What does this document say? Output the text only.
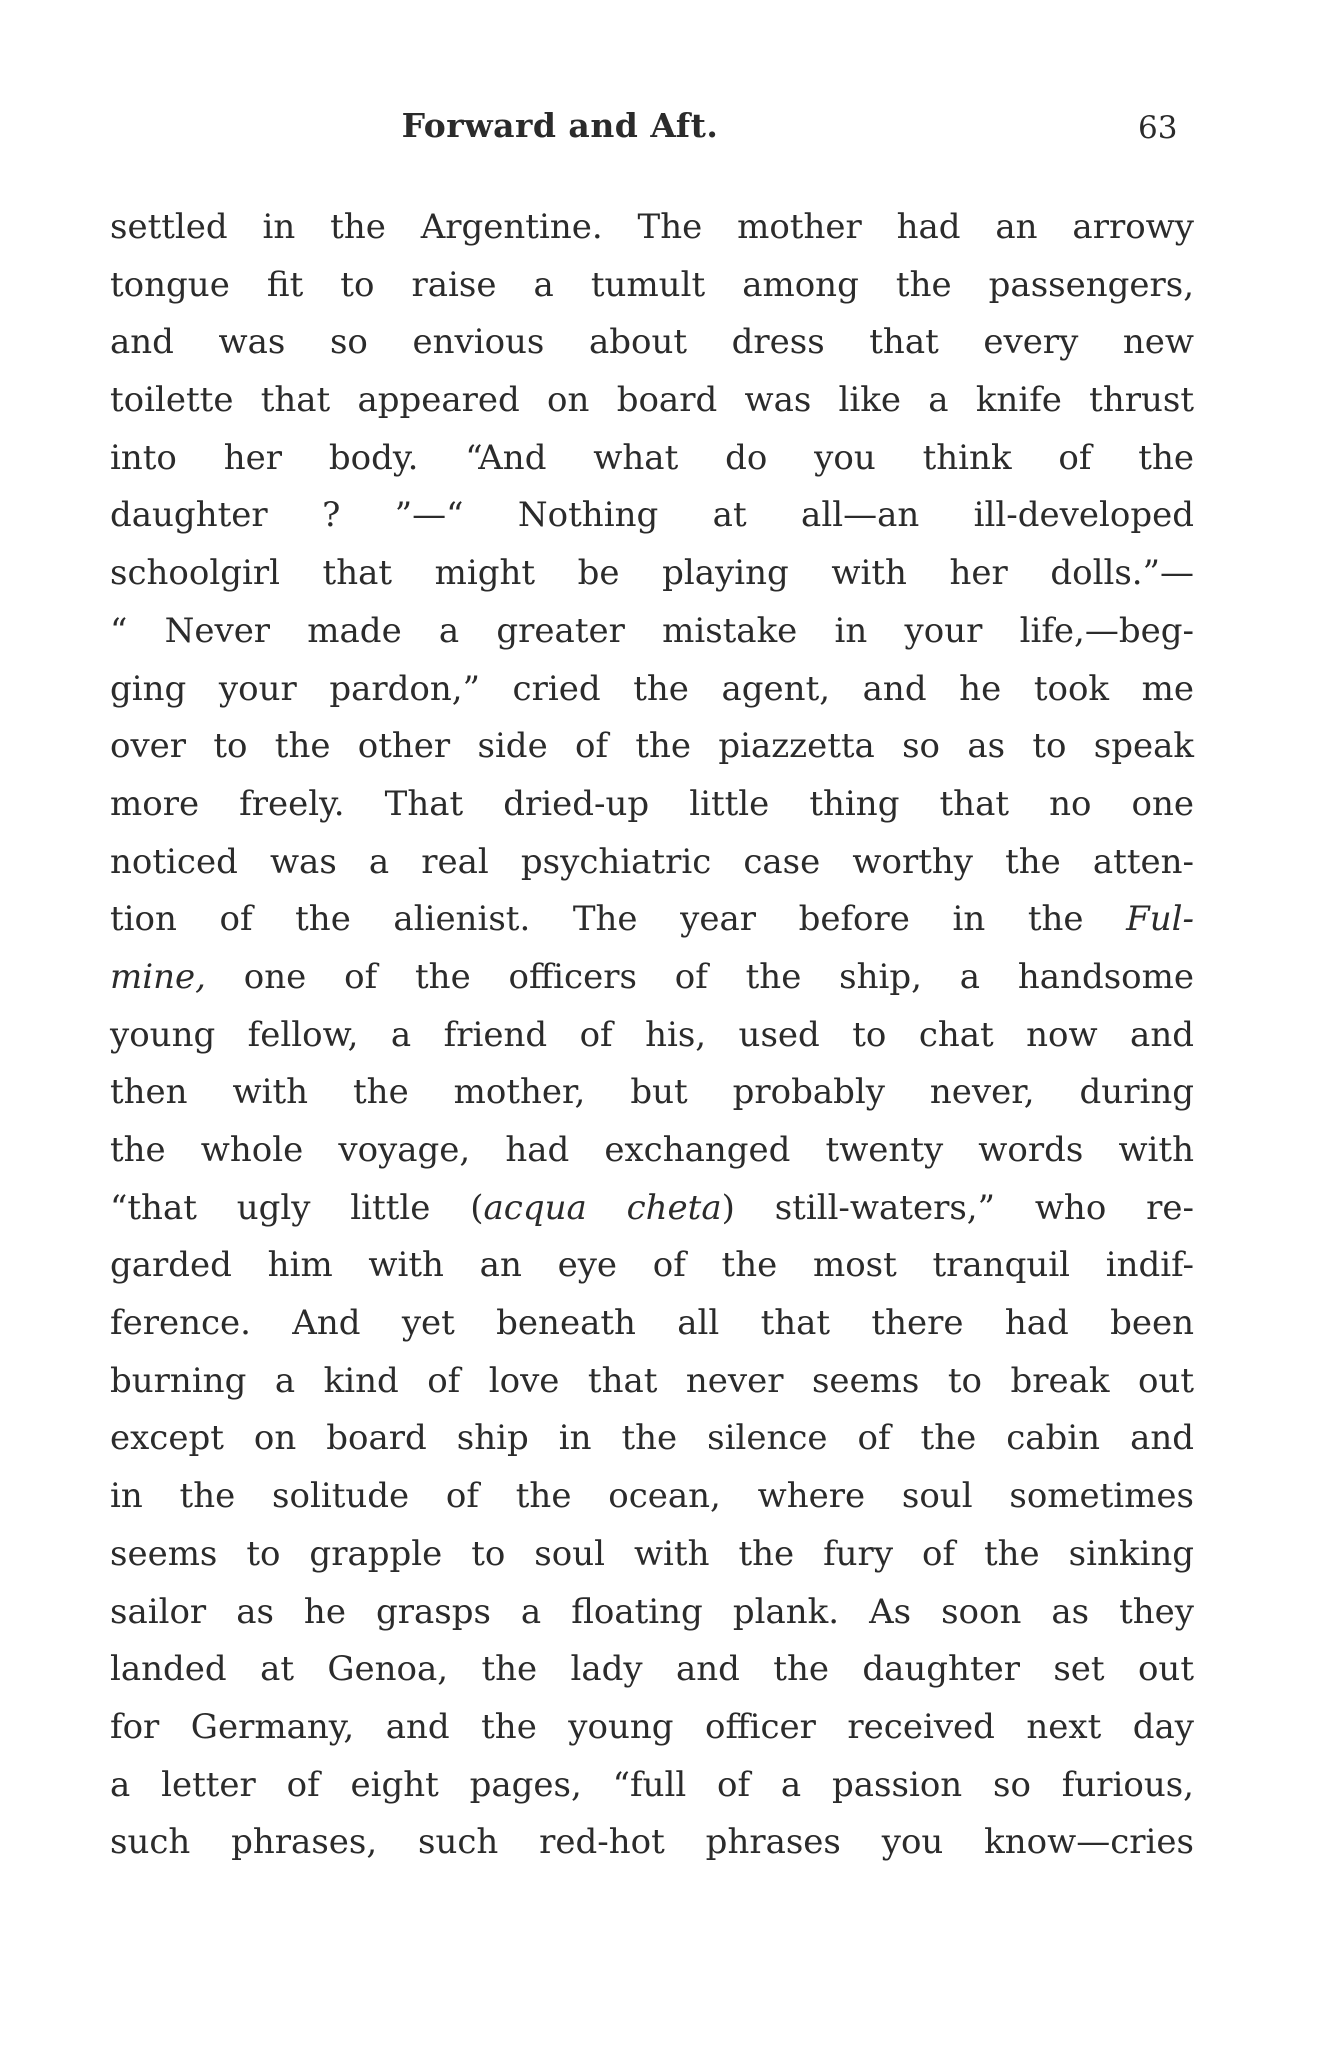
Forward and Aft.	63
settled in the Argentine. The mother had an arrowy
tongue fit to raise a tumult among the passengers,
and was so envious about dress that every new
toilette that appeared on board was like a knife thrust
into her body. “And what do you think of the
daughter ? ”—“ Nothing at all—an ill-developed
schoolgirl that might be playing with her dolls.”—
“ Never made a greater mistake in your life,—beg-
ging your pardon,” cried the agent, and he took me
over to the other side of the piazzetta so as to speak
more freely. That dried-up little thing that no one
noticed was a real psychiatric case worthy the atten-
tion of the alienist. The year before in the Ful-
mine, one of the officers of the ship, a handsome
young fellow, a friend of his, used to chat now and
then with the mother, but probably never, during
the whole voyage, had exchanged twenty words with
“that ugly little (acqua cheta) still-waters,” who re-
garded him with an eye of the most tranquil indif-
ference. And yet beneath all that there had been
burning a kind of love that never seems to break out
except on board ship in the silence of the cabin and
in the solitude of the ocean, where soul sometimes
seems to grapple to soul with the fury of the sinking
sailor as he grasps a floating plank. As soon as they
landed at Genoa, the lady and the daughter set out
for Germany, and the young officer received next day
a letter of eight pages, “full of a passion so furious,
such phrases, such red-hot phrases you know—cries
